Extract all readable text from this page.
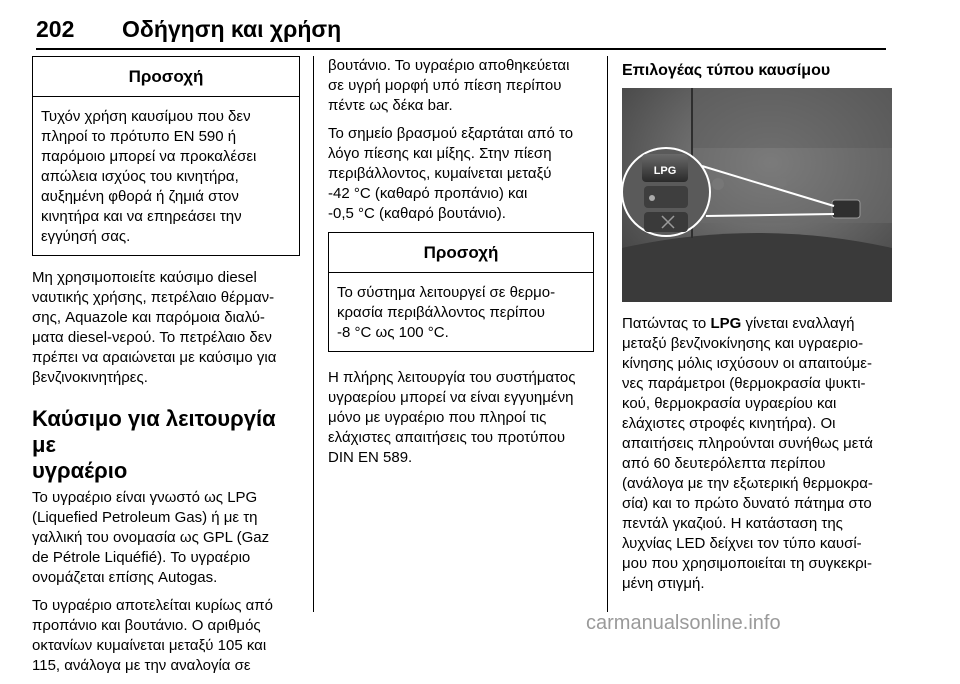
202 Οδήγηση και χρήση
Προσοχή

Τυχόν χρήση καυσίμου που δεν
πληροί το πρότυπο EN 590 ή
παρόμοιο μπορεί να προκαλέσει
απώλεια ισχύος του κινητήρα,
αυξημένη φθορά ή ζημιά στον
κινητήρα και να επηρεάσει την
εγγύησή σας.

Μη χρησιμοποιείτε καύσιμο diesel
ναυτικής χρήσης, πετρέλαιο θέρμαν-
σης, Aquazole και παρόμοια διαλύ-
ματα diesel-νερού. Το πετρέλαιο δεν
πρέπει να αραιώνεται με καύσιμο για
βενζινοκινητήρες.

Καύσιμο για λειτουργία με
υγραέριο

Το υγραέριο είναι γνωστό ως LPG
(Liquefied Petroleum Gas) ή με τη
γαλλική του ονομασία ως GPL (Gaz
de Pétrole Liquéfié). Το υγραέριο
ονομάζεται επίσης Autogas.

Το υγραέριο αποτελείται κυρίως από
προπάνιο και βουτάνιο. Ο αριθμός
οκτανίων κυμαίνεται μεταξύ 105 και
115, ανάλογα με την αναλογία σε

βουτάνιο. Το υγραέριο αποθηκεύεται
σε υγρή μορφή υπό πίεση περίπου
πέντε ως δέκα bar.

Το σημείο βρασμού εξαρτάται από το
λόγο πίεσης και μίξης. Στην πίεση
περιβάλλοντος, κυμαίνεται μεταξύ
-42 °C (καθαρό προπάνιο) και
-0,5 °C (καθαρό βουτάνιο).

Προσοχή

Το σύστημα λειτουργεί σε θερμο-
κρασία περιβάλλοντος περίπου
-8 °C ως 100 °C.

Η πλήρης λειτουργία του συστήματος
υγραερίου μπορεί να είναι εγγυημένη
μόνο με υγραέριο που πληροί τις
ελάχιστες απαιτήσεις του προτύπου
DIN EN 589.

Επιλογέας τύπου καυσίμου
LPG

Πατώντας το LPG γίνεται εναλλαγή
μεταξύ βενζινοκίνησης και υγραεριο-
κίνησης μόλις ισχύσουν οι απαιτούμε-
νες παράμετροι (θερμοκρασία ψυκτι-
κού, θερμοκρασία υγραερίου και
ελάχιστες στροφές κινητήρα). Οι
απαιτήσεις πληρούνται συνήθως μετά
από 60 δευτερόλεπτα περίπου
(ανάλογα με την εξωτερική θερμοκρα-
σία) και το πρώτο δυνατό πάτημα στο
πεντάλ γκαζιού. Η κατάσταση της
λυχνίας LED δείχνει τον τύπο καυσί-
μου που χρησιμοποιείται τη συγκεκρι-
μένη στιγμή.

carmanualsonline.info
